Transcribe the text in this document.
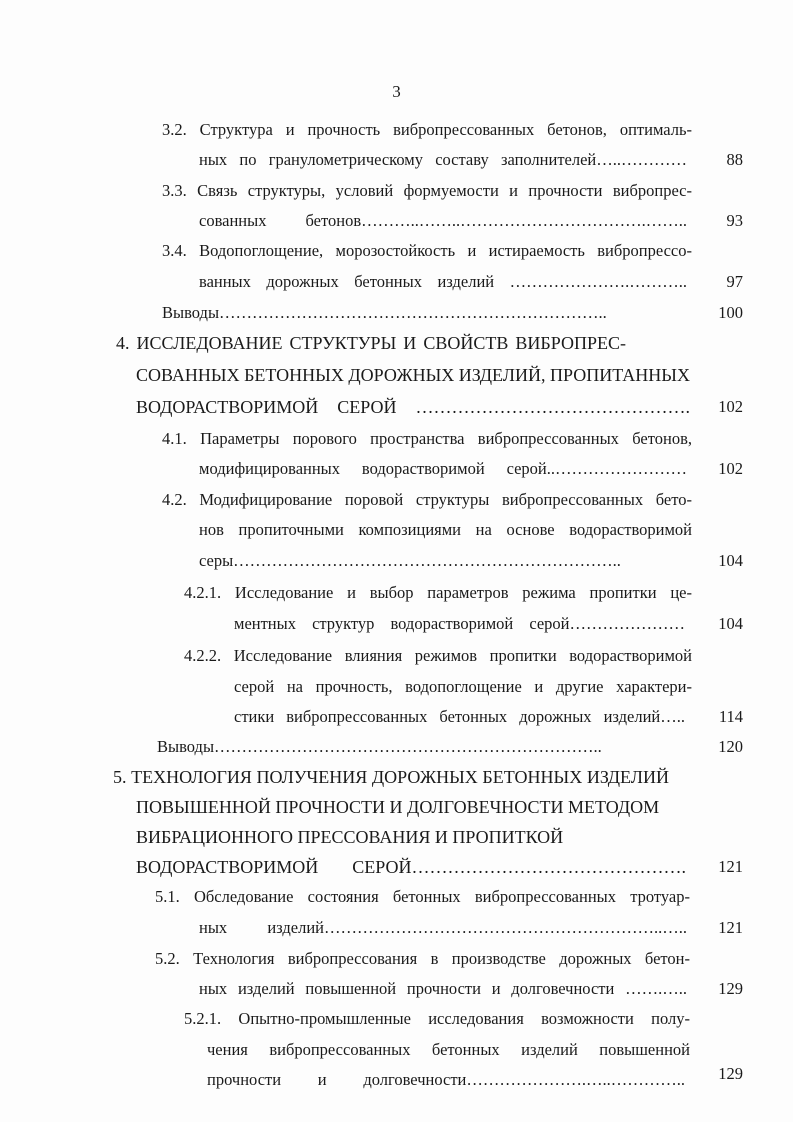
3
3.2. Структура и прочность вибропрессованных бетонов, оптималь-
ных по гранулометрическому составу заполнителей…..………… 88
3.3. Связь структуры, условий формуемости и прочности вибропрес-
сованных бетонов………..……..…………………………….…….. 93
3.4. Водопоглощение, морозостойкость и истираемость вибропрессо-
ванных дорожных бетонных изделий ………………….……….. 97
Выводы……………………………………………………………..	100
4. ИССЛЕДОВАНИЕ СТРУКТУРЫ И СВОЙСТВ ВИБРОПРЕС-
СОВАННЫХ БЕТОННЫХ ДОРОЖНЫХ ИЗДЕЛИЙ, ПРОПИТАННЫХ
ВОДОРАСТВОРИМОЙ СЕРОЙ ………………………………………. 102
4.1. Параметры порового пространства вибропрессованных бетонов,
модифицированных водорастворимой серой..…………………… 102
4.2. Модифицирование поровой структуры вибропрессованных бето-
нов пропиточными композициями на основе водорастворимой
серы……………………………………………………………..	104
4.2.1. Исследование и выбор параметров режима пропитки це-
ментных структур водорастворимой серой………………… 104
4.2.2. Исследование влияния режимов пропитки водорастворимой
серой на прочность, водопоглощение и другие характери-
стики вибропрессованных бетонных дорожных изделий….. 114
Выводы……………………………………………………………..	120
5. ТЕХНОЛОГИЯ ПОЛУЧЕНИЯ ДОРОЖНЫХ БЕТОННЫХ ИЗДЕЛИЙ
ПОВЫШЕННОЙ ПРОЧНОСТИ И ДОЛГОВЕЧНОСТИ МЕТОДОМ
ВИБРАЦИОННОГО ПРЕССОВАНИЯ И ПРОПИТКОЙ
ВОДОРАСТВОРИМОЙ СЕРОЙ………………………………………. 121
5.1. Обследование состояния бетонных вибропрессованных тротуар-
ных изделий……………………………………………………..….. 121
5.2. Технология вибропрессования в производстве дорожных бетон-
ных изделий повышенной прочности и долговечности …….….. 129
5.2.1. Опытно-промышленные исследования возможности полу-
чения вибропрессованных бетонных изделий повышенной
прочности и долговечности………………….…..………….. 129
